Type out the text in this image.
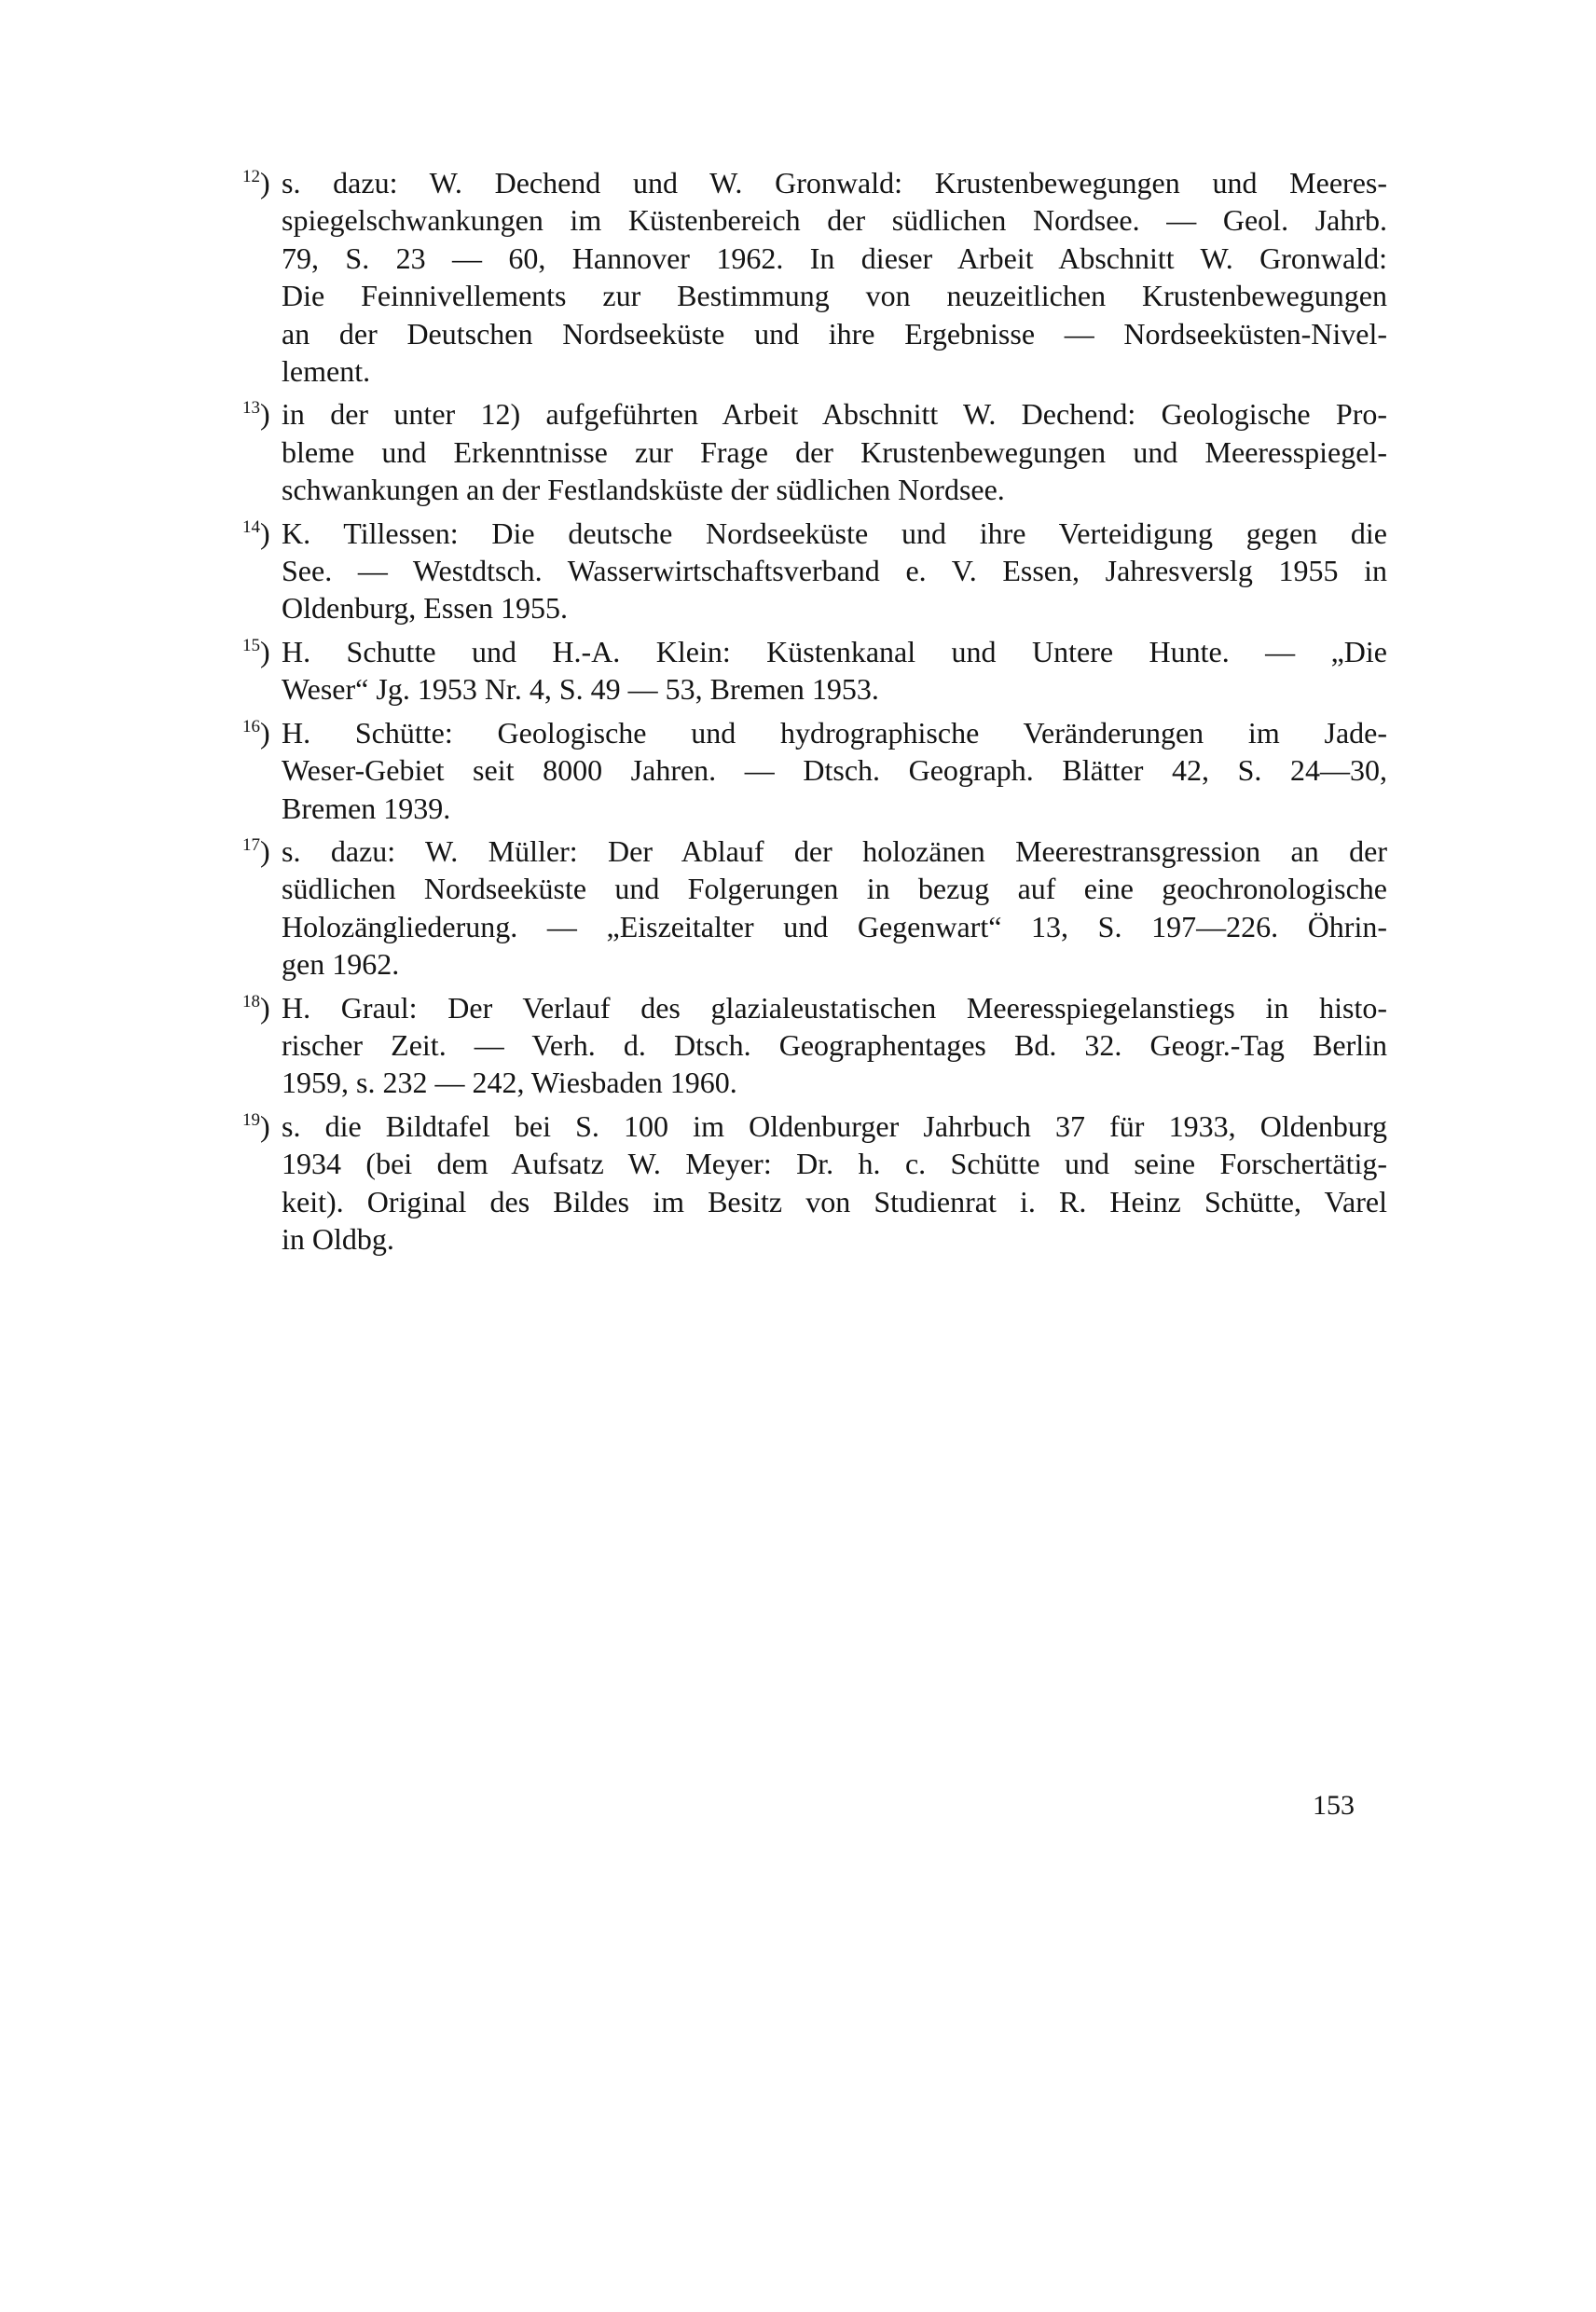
$^{12}$) s. dazu: W. Dechend und W. Gronwald: Krustenbewegungen und Meeres-
spiegelschwankungen im Küstenbereich der südlichen Nordsee. — Geol. Jahrb.
79, S. 23 — 60, Hannover 1962. In dieser Arbeit Abschnitt W. Gronwald:
Die Feinnivellements zur Bestimmung von neuzeitlichen Krustenbewegungen
an der Deutschen Nordseeküste und ihre Ergebnisse — Nordseeküsten-Nivel-
lement.
$^{13}$) in der unter 12) aufgeführten Arbeit Abschnitt W. Dechend: Geologische Pro-
bleme und Erkenntnisse zur Frage der Krustenbewegungen und Meeresspiegel-
schwankungen an der Festlandsküste der südlichen Nordsee.
$^{14}$) K. Tillessen: Die deutsche Nordseeküste und ihre Verteidigung gegen die
See. — Westdtsch. Wasserwirtschaftsverband e. V. Essen, Jahresverslg 1955 in
Oldenburg, Essen 1955.
$^{15}$) H. Schutte und H.-A. Klein: Küstenkanal und Untere Hunte. — „Die
Weser“ Jg. 1953 Nr. 4, S. 49 — 53, Bremen 1953.
$^{16}$) H. Schütte: Geologische und hydrographische Veränderungen im Jade-
Weser-Gebiet seit 8000 Jahren. — Dtsch. Geograph. Blätter 42, S. 24—30,
Bremen 1939.
$^{17}$) s. dazu: W. Müller: Der Ablauf der holozänen Meerestransgression an der
südlichen Nordseeküste und Folgerungen in bezug auf eine geochronologische
Holozängliederung. — „Eiszeitalter und Gegenwart“ 13, S. 197—226. Öhrin-
gen 1962.
$^{18}$) H. Graul: Der Verlauf des glazialeustatischen Meeresspiegelanstiegs in histo-
rischer Zeit. — Verh. d. Dtsch. Geographentages Bd. 32. Geogr.-Tag Berlin
1959, s. 232 — 242, Wiesbaden 1960.
$^{19}$) s. die Bildtafel bei S. 100 im Oldenburger Jahrbuch 37 für 1933, Oldenburg
1934 (bei dem Aufsatz W. Meyer: Dr. h. c. Schütte und seine Forschertätig-
keit). Original des Bildes im Besitz von Studienrat i. R. Heinz Schütte, Varel
in Oldbg.
153
